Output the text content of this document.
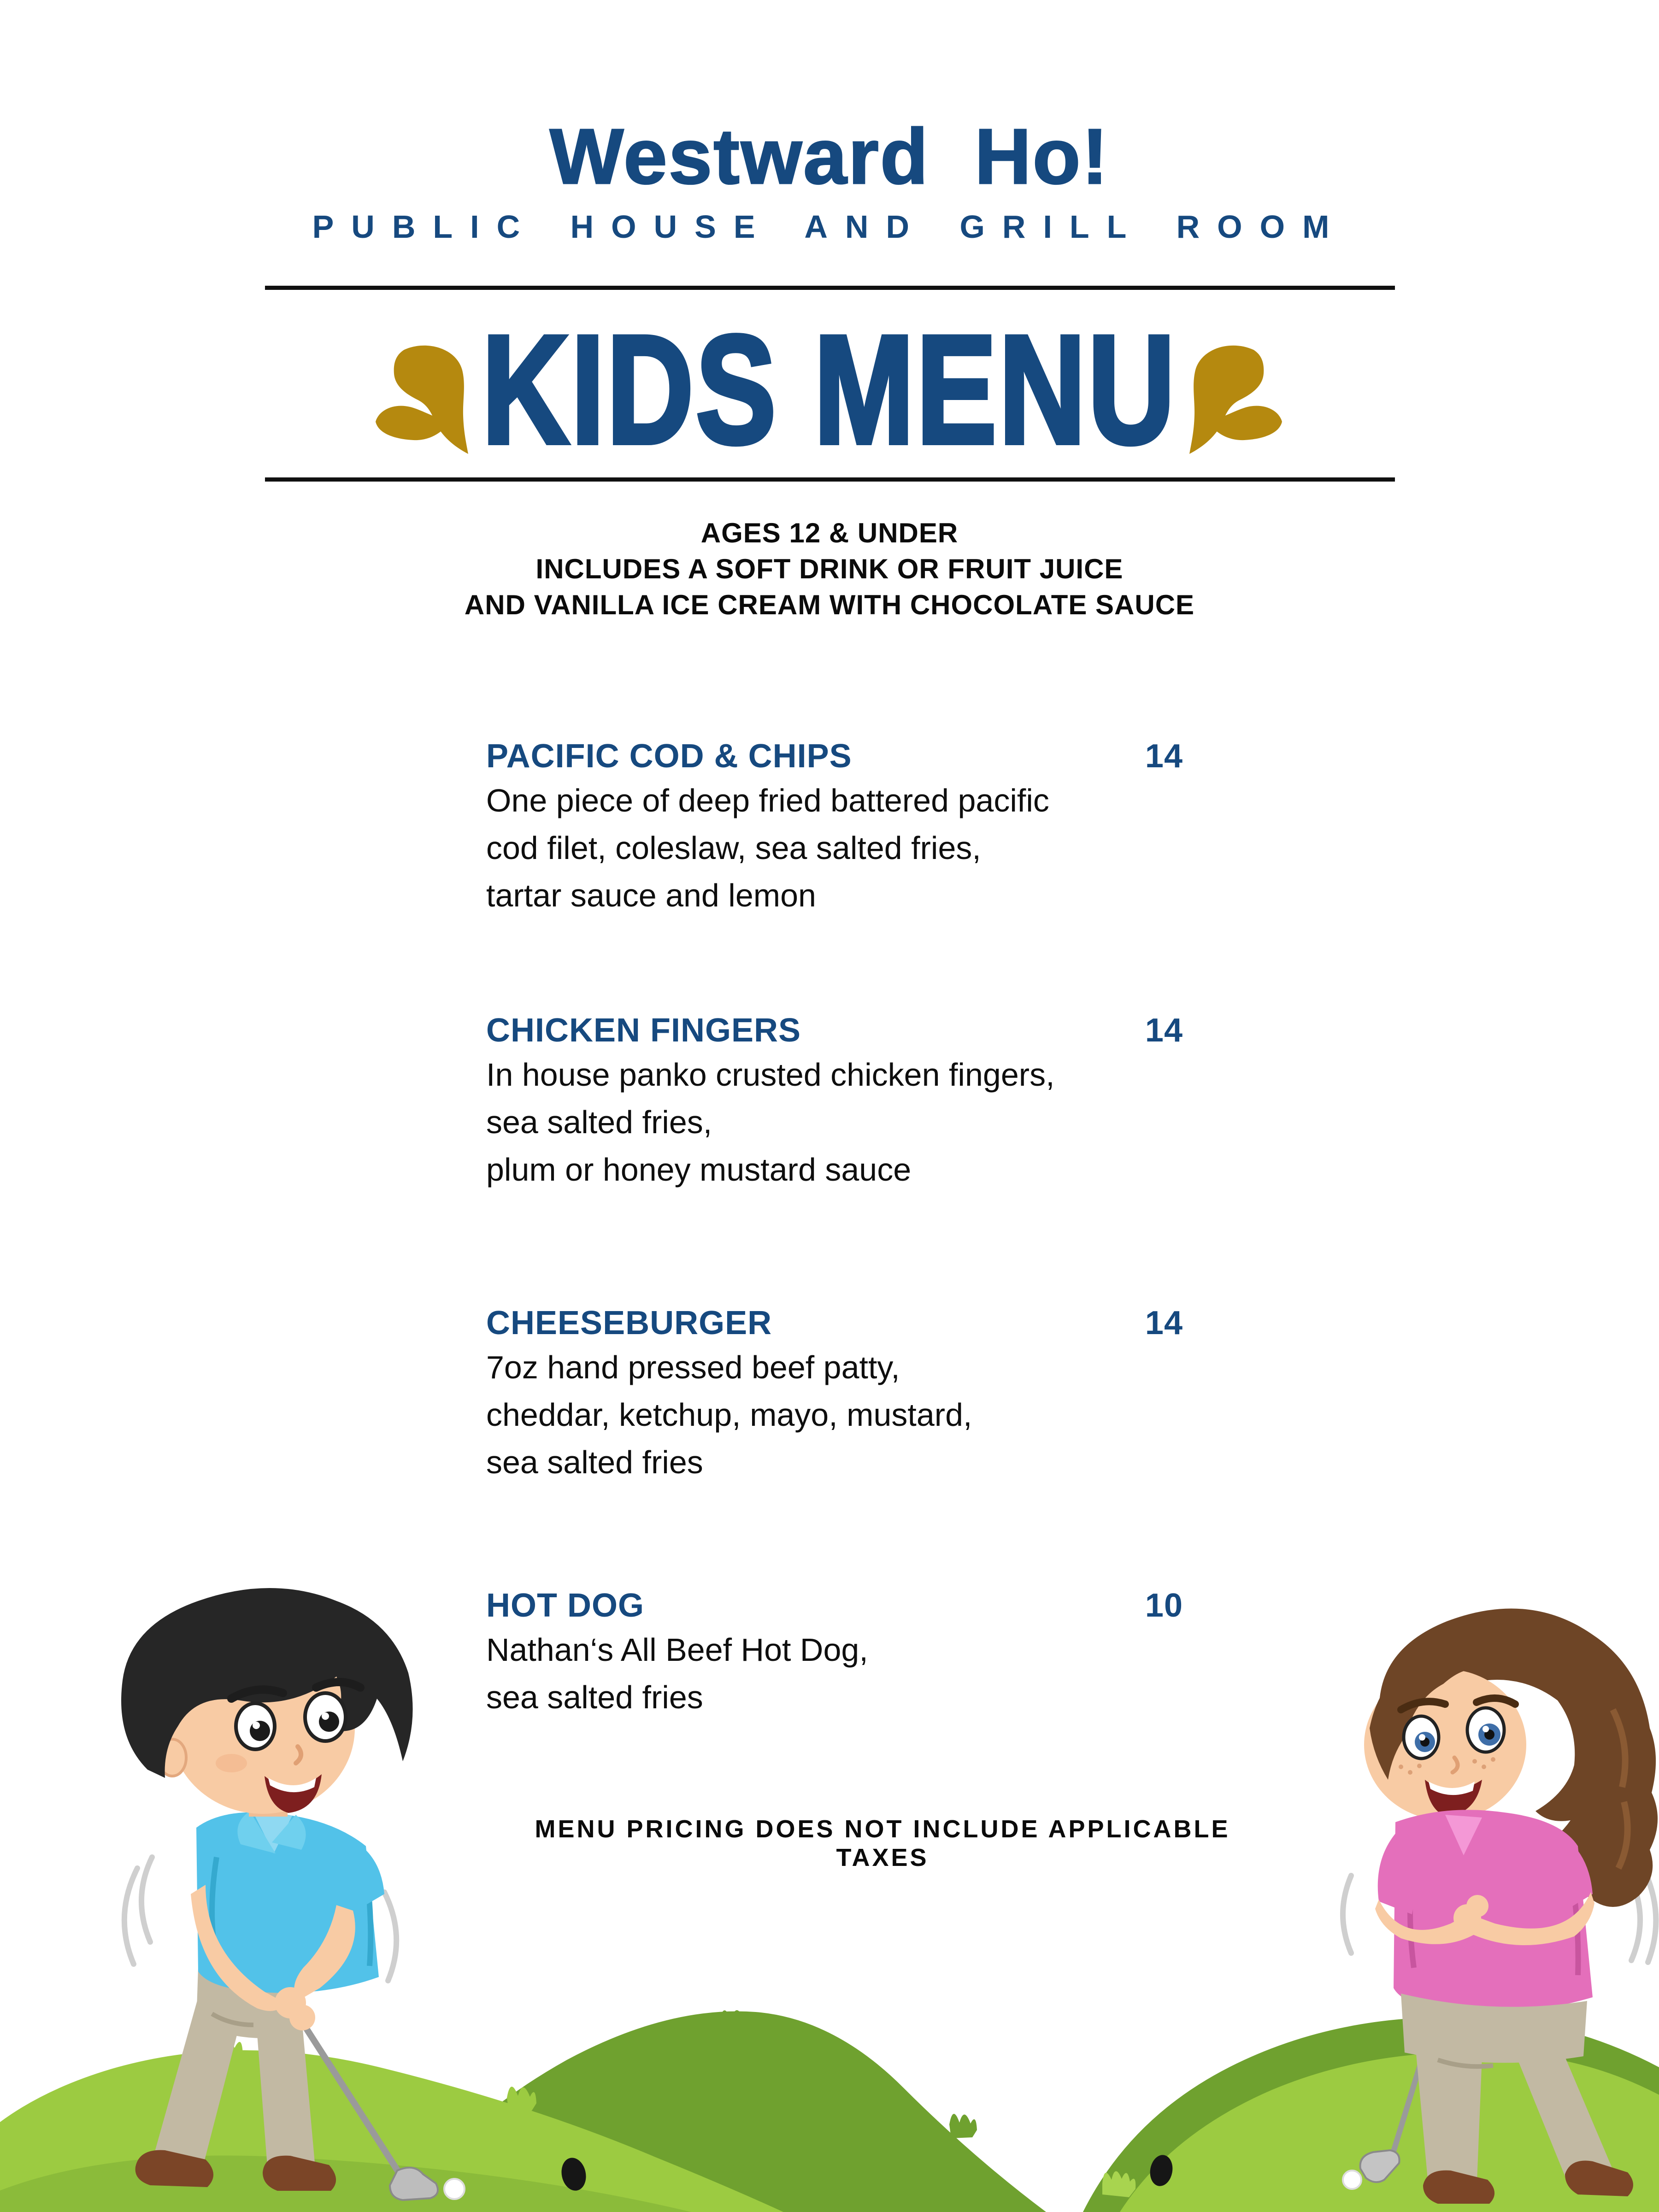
Westward Ho!
PUBLIC HOUSE AND GRILL ROOM
KIDS MENU
AGES 12 & UNDER
INCLUDES A SOFT DRINK OR FRUIT JUICE
AND VANILLA ICE CREAM WITH CHOCOLATE SAUCE
PACIFIC COD & CHIPS	14
One piece of deep fried battered pacific
cod filet, coleslaw, sea salted fries,
tartar sauce and lemon
CHICKEN FINGERS	14
In house panko crusted chicken fingers,
sea salted fries,
plum or honey mustard sauce
CHEESEBURGER	14
7oz hand pressed beef patty,
cheddar, ketchup, mayo, mustard,
sea salted fries
HOT DOG	10
Nathan‘s All Beef Hot Dog,
sea salted fries
MENU PRICING DOES NOT INCLUDE APPLICABLE TAXES
